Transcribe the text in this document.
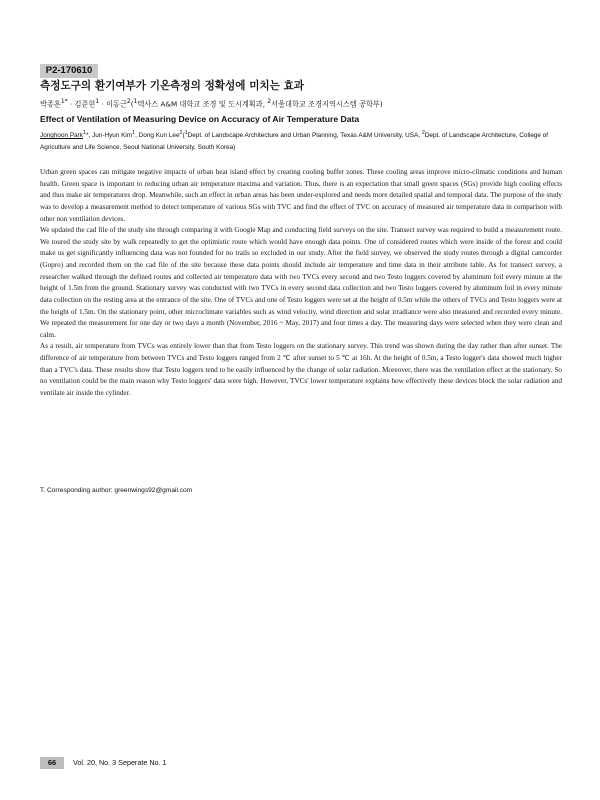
P2-170610
측정도구의 환기여부가 기온측정의 정확성에 미치는 효과
박종훈$^{1*}$ · 김준현$^1$ · 이동근$^2$($^1$텍사스 A&M 대학교 조경 및 도시계획과, $^2$서울대학교 조경지역시스템 공학부)
Effect of Ventilation of Measuring Device on Accuracy of Air Temperature Data
Jonghoon Park$^1$*, Jun-Hyun Kim$^1$, Dong Kun Lee$^2$($^1$Dept. of Landscape Architecture and Urban Planning, Texas A&M University, USA, $^2$Dept. of Landscape Architecture, College of Agriculture and Life Science, Seoul National University, South Korea)

Urban green spaces can mitigate negative impacts of urban heat island effect by creating cooling buffer zones. These cooling areas improve micro-climatic conditions and human health. Green space is important to reducing urban air temperature maxima and variation. Thus, there is an expectation that small green spaces (SGs) provide high cooling effects and thus make air temperatures drop. Meanwhile, such an effect in urban areas has been under-explored and needs more detailed spatial and temporal data. The purpose of the study was to develop a measurement method to detect temperature of various SGs with TVC and find the effect of TVC on accuracy of measured air temperature data in comparison with other non ventilation devices.

We updated the cad file of the study site through comparing it with Google Map and conducting field surveys on the site. Transect survey was required to build a measurement route. We toured the study site by walk repeatedly to get the optimistic route which would have enough data points. One of considered routes which were inside of the forest and could make us get significantly influencing data was not founded for no trails so excluded in our study. After the field survey, we observed the study routes through a digital camcorder (Gopro) and recorded them on the cad file of the site because these data points should include air temperature and time data in their attribute table. As for transect survey, a researcher walked through the defined routes and collected air temperature data with two TVCs every second and two Testo loggers covered by aluminum foil every minute at the height of 1.5m from the ground. Stationary survey was conducted with two TVCs in every second data collection and two Testo loggers covered by aluminum foil in every minute data collection on the resting area at the entrance of the site. One of TVCs and one of Testo loggers were set at the height of 0.5m while the others of TVCs and Testo loggers were at the height of 1.5m. On the stationary point, other microclimate variables such as wind velocity, wind direction and solar irradiance were also measured and recorded every minute. We repeated the measurement for one day or two days a month (November, 2016 ~ May, 2017) and four times a day. The measuring days were selected when they were clean and calm.

As a result, air temperature from TVCs was entirely lower than that from Testo loggers on the stationary survey. This trend was shown during the day rather than after sunset. The difference of air temperature from between TVCs and Testo loggers ranged from 2 ℃ after sunset to 5 ℃ at 16h. At the height of 0.5m, a Testo logger's data showed much higher than a TVC's data. These results show that Testo loggers tend to be easily influenced by the change of solar radiation. Moreover, there was the ventilation effect at the stationary. So no ventilation could be the main reason why Testo loggers' data were high. However, TVCs' lower temperature explains how effectively these devices block the solar radiation and ventilate air inside the cylinder.

T. Corresponding author: greenwings92@gmail.com
66	Vol. 20, No. 3 Seperate No. 1
